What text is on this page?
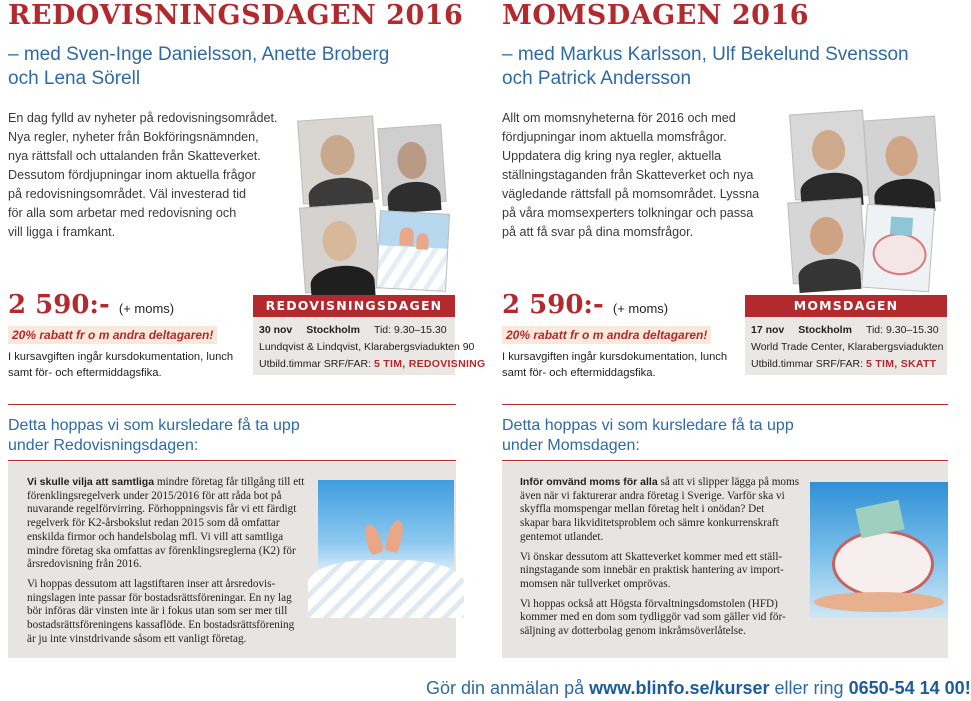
REDOVISNINGSDAGEN 2016
– med Sven-Inge Danielsson, Anette Broberg
och Lena Sörell
En dag fylld av nyheter på redovisningsområdet.
Nya regler, nyheter från Bokföringsnämnden,
nya rättsfall och uttalanden från Skatteverket.
Dessutom fördjupningar inom aktuella frågor
på redovisningsområdet. Väl investerad tid
för alla som arbetar med redovisning och
vill ligga i framkant.
2 590:- (+ moms)
20% rabatt fr o m andra deltagaren!
I kursavgiften ingår kursdokumentation, lunch
samt för- och eftermiddagsfika.
REDOVISNINGSDAGEN
30 nov Stockholm Tid: 9.30–15.30
Lundqvist & Lindqvist, Klarabergsviadukten 90
Utbild.timmar SRF/FAR: 5 TIM, REDOVISNING
Detta hoppas vi som kursledare få ta upp
under Redovisningsdagen:

Vi skulle vilja att samtliga mindre företag får tillgång till ett
förenklingsregelverk under 2015/2016 för att råda bot på
nuvarande regelförvirring. Förhoppningsvis får vi ett färdigt
regelverk för K2-årsbokslut redan 2015 som då omfattar
enskilda firmor och handelsbolag mfl. Vi vill att samtliga
mindre företag ska omfattas av förenklingsreglerna (K2) för
årsredovisning från 2016.

Vi hoppas dessutom att lagstiftaren inser att årsredovis-
ningslagen inte passar för bostadsrättsföreningar. En ny lag
bör införas där vinsten inte är i fokus utan som ser mer till
bostadsrättsföreningens kassaflöde. En bostadsrättsförening
är ju inte vinstdrivande såsom ett vanligt företag.

MOMSDAGEN 2016
– med Markus Karlsson, Ulf Bekelund Svensson
och Patrick Andersson
Allt om momsnyheterna för 2016 och med
fördjupningar inom aktuella momsfrågor.
Uppdatera dig kring nya regler, aktuella
ställningstaganden från Skatteverket och nya
vägledande rättsfall på momsområdet. Lyssna
på våra momsexperters tolkningar och passa
på att få svar på dina momsfrågor.
2 590:- (+ moms)
20% rabatt fr o m andra deltagaren!
I kursavgiften ingår kursdokumentation, lunch
samt för- och eftermiddagsfika.
MOMSDAGEN
17 nov Stockholm Tid: 9.30–15.30
World Trade Center, Klarabergsviadukten
Utbild.timmar SRF/FAR: 5 TIM, SKATT
Detta hoppas vi som kursledare få ta upp
under Momsdagen:

Inför omvänd moms för alla så att vi slipper lägga på moms
även när vi fakturerar andra företag i Sverige. Varför ska vi
skyffla momspengar mellan företag helt i onödan? Det
skapar bara likviditetsproblem och sämre konkurrenskraft
gentemot utlandet.

Vi önskar dessutom att Skatteverket kommer med ett ställ-
ningstagande som innebär en praktisk hantering av import-
momsen när tullverket omprövas.

Vi hoppas också att Högsta förvaltningsdomstolen (HFD)
kommer med en dom som tydliggör vad som gäller vid för-
säljning av dotterbolag genom inkråmsöverlåtelse.

Gör din anmälan på www.blinfo.se/kurser eller ring 0650-54 14 00!
